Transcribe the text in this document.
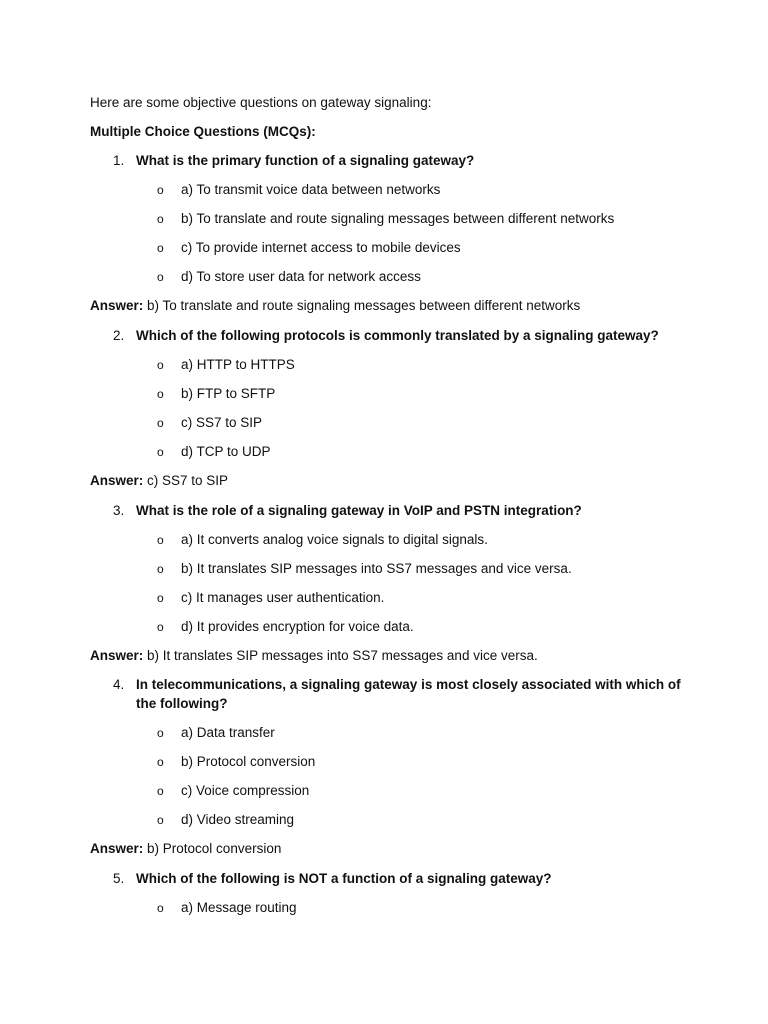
Here are some objective questions on gateway signaling:
Multiple Choice Questions (MCQs):
1. What is the primary function of a signaling gateway?
o a) To transmit voice data between networks
o b) To translate and route signaling messages between different networks
o c) To provide internet access to mobile devices
o d) To store user data for network access
Answer: b) To translate and route signaling messages between different networks
2. Which of the following protocols is commonly translated by a signaling gateway?
o a) HTTP to HTTPS
o b) FTP to SFTP
o c) SS7 to SIP
o d) TCP to UDP
Answer: c) SS7 to SIP
3. What is the role of a signaling gateway in VoIP and PSTN integration?
o a) It converts analog voice signals to digital signals.
o b) It translates SIP messages into SS7 messages and vice versa.
o c) It manages user authentication.
o d) It provides encryption for voice data.
Answer: b) It translates SIP messages into SS7 messages and vice versa.
4. In telecommunications, a signaling gateway is most closely associated with which of the following?
o a) Data transfer
o b) Protocol conversion
o c) Voice compression
o d) Video streaming
Answer: b) Protocol conversion
5. Which of the following is NOT a function of a signaling gateway?
o a) Message routing
